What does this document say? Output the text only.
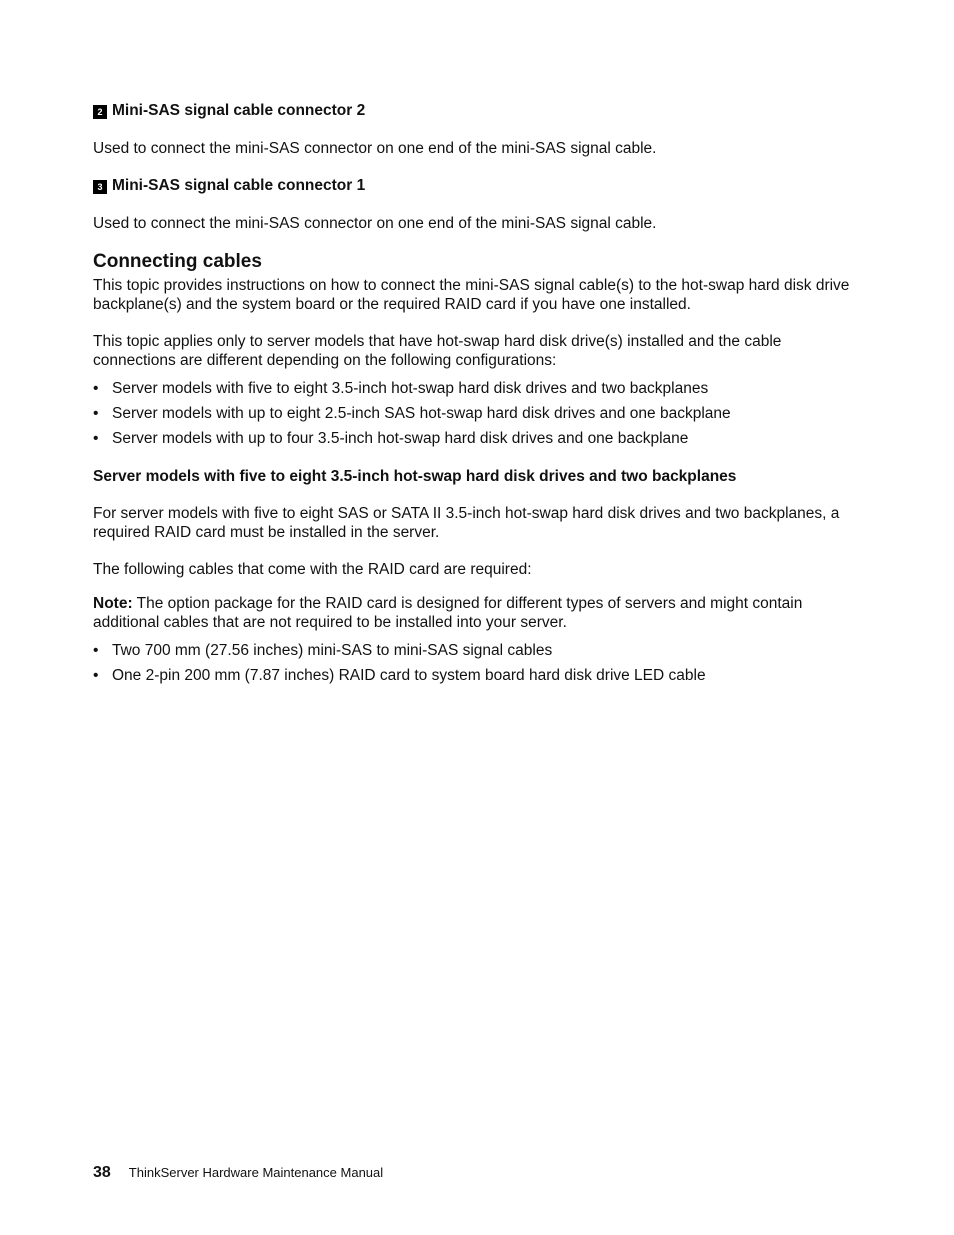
2 Mini-SAS signal cable connector 2

Used to connect the mini-SAS connector on one end of the mini-SAS signal cable.

3 Mini-SAS signal cable connector 1

Used to connect the mini-SAS connector on one end of the mini-SAS signal cable.

Connecting cables

This topic provides instructions on how to connect the mini-SAS signal cable(s) to the hot-swap hard disk drive backplane(s) and the system board or the required RAID card if you have one installed.

This topic applies only to server models that have hot-swap hard disk drive(s) installed and the cable connections are different depending on the following configurations:

• Server models with five to eight 3.5-inch hot-swap hard disk drives and two backplanes
• Server models with up to eight 2.5-inch SAS hot-swap hard disk drives and one backplane
• Server models with up to four 3.5-inch hot-swap hard disk drives and one backplane
Server models with five to eight 3.5-inch hot-swap hard disk drives and two backplanes

For server models with five to eight SAS or SATA II 3.5-inch hot-swap hard disk drives and two backplanes, a required RAID card must be installed in the server.

The following cables that come with the RAID card are required:

Note: The option package for the RAID card is designed for different types of servers and might contain additional cables that are not required to be installed into your server.

• Two 700 mm (27.56 inches) mini-SAS to mini-SAS signal cables
• One 2-pin 200 mm (7.87 inches) RAID card to system board hard disk drive LED cable
38 ThinkServer Hardware Maintenance Manual
